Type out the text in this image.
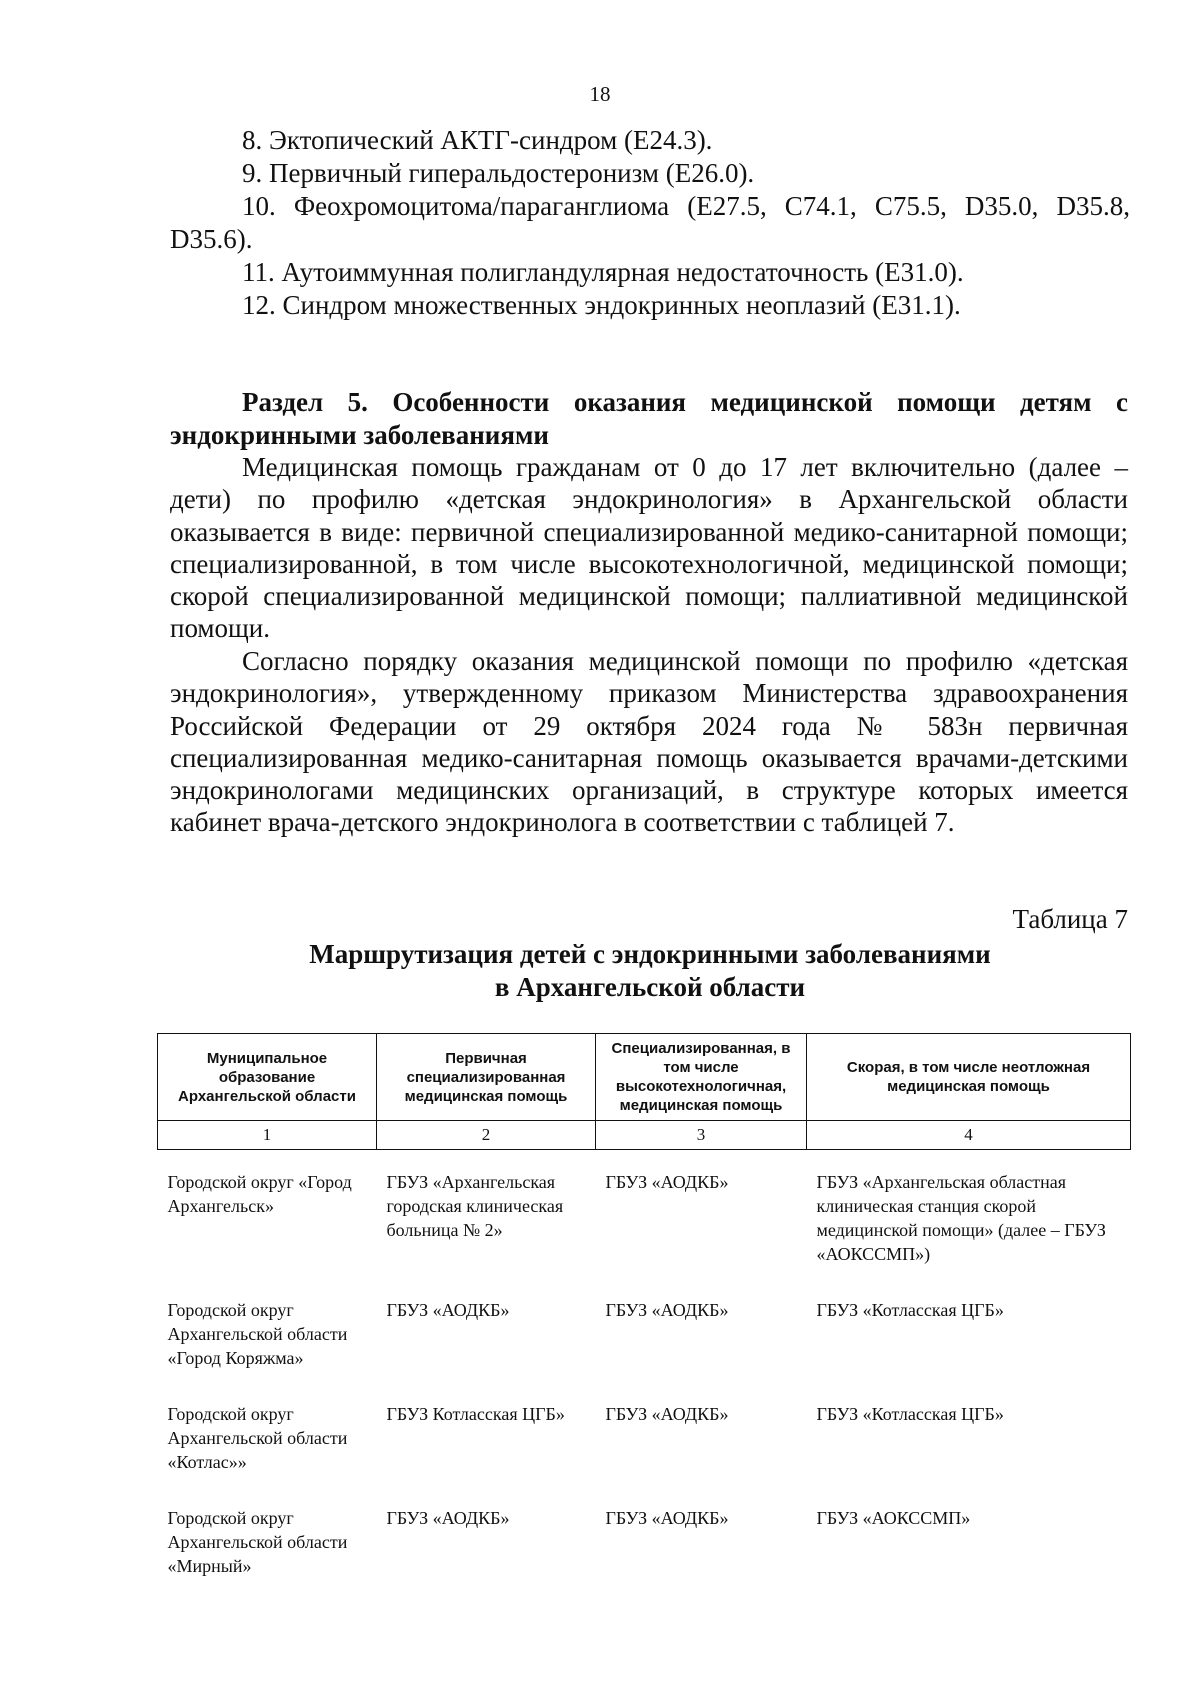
18
8. Эктопический АКТГ-синдром (Е24.3).
9. Первичный гиперальдостеронизм (Е26.0).
10. Феохромоцитома/параганглиома (Е27.5, С74.1, С75.5, D35.0, D35.8, D35.6).
11. Аутоиммунная полигландулярная недостаточность (Е31.0).
12. Синдром множественных эндокринных неоплазий (Е31.1).
Раздел 5. Особенности оказания медицинской помощи детям с эндокринными заболеваниями
Медицинская помощь гражданам от 0 до 17 лет включительно (далее – дети) по профилю «детская эндокринология» в Архангельской области оказывается в виде: первичной специализированной медико-санитарной помощи; специализированной, в том числе высокотехнологичной, медицинской помощи; скорой специализированной медицинской помощи; паллиативной медицинской помощи.
Согласно порядку оказания медицинской помощи по профилю «детская эндокринология», утвержденному приказом Министерства здравоохранения Российской Федерации от 29 октября 2024 года № 583н первичная специализированная медико-санитарная помощь оказывается врачами-детскими эндокринологами медицинских организаций, в структуре которых имеется кабинет врача-детского эндокринолога в соответствии с таблицей 7.
Таблица 7
Маршрутизация детей с эндокринными заболеваниями
в Архангельской области
Муниципальное образование Архангельской области	Первичная специализированная медицинская помощь	Специализированная, в том числе высокотехнологичная, медицинская помощь	Скорая, в том числе неотложная медицинская помощь
1	2	3	4

Городской округ «Город Архангельск»	ГБУЗ «Архангельская городская клиническая больница № 2»	ГБУЗ «АОДКБ»	ГБУЗ «Архангельская областная клиническая станция скорой медицинской помощи» (далее – ГБУЗ «АОКССМП»)
Городской округ Архангельской области «Город Коряжма»	ГБУЗ «АОДКБ»	ГБУЗ «АОДКБ»	ГБУЗ «Котласская ЦГБ»
Городской округ Архангельской области «Котлас»»	ГБУЗ Котласская ЦГБ»	ГБУЗ «АОДКБ»	ГБУЗ «Котласская ЦГБ»
Городской округ Архангельской области «Мирный»	ГБУЗ «АОДКБ»	ГБУЗ «АОДКБ»	ГБУЗ «АОКССМП»
